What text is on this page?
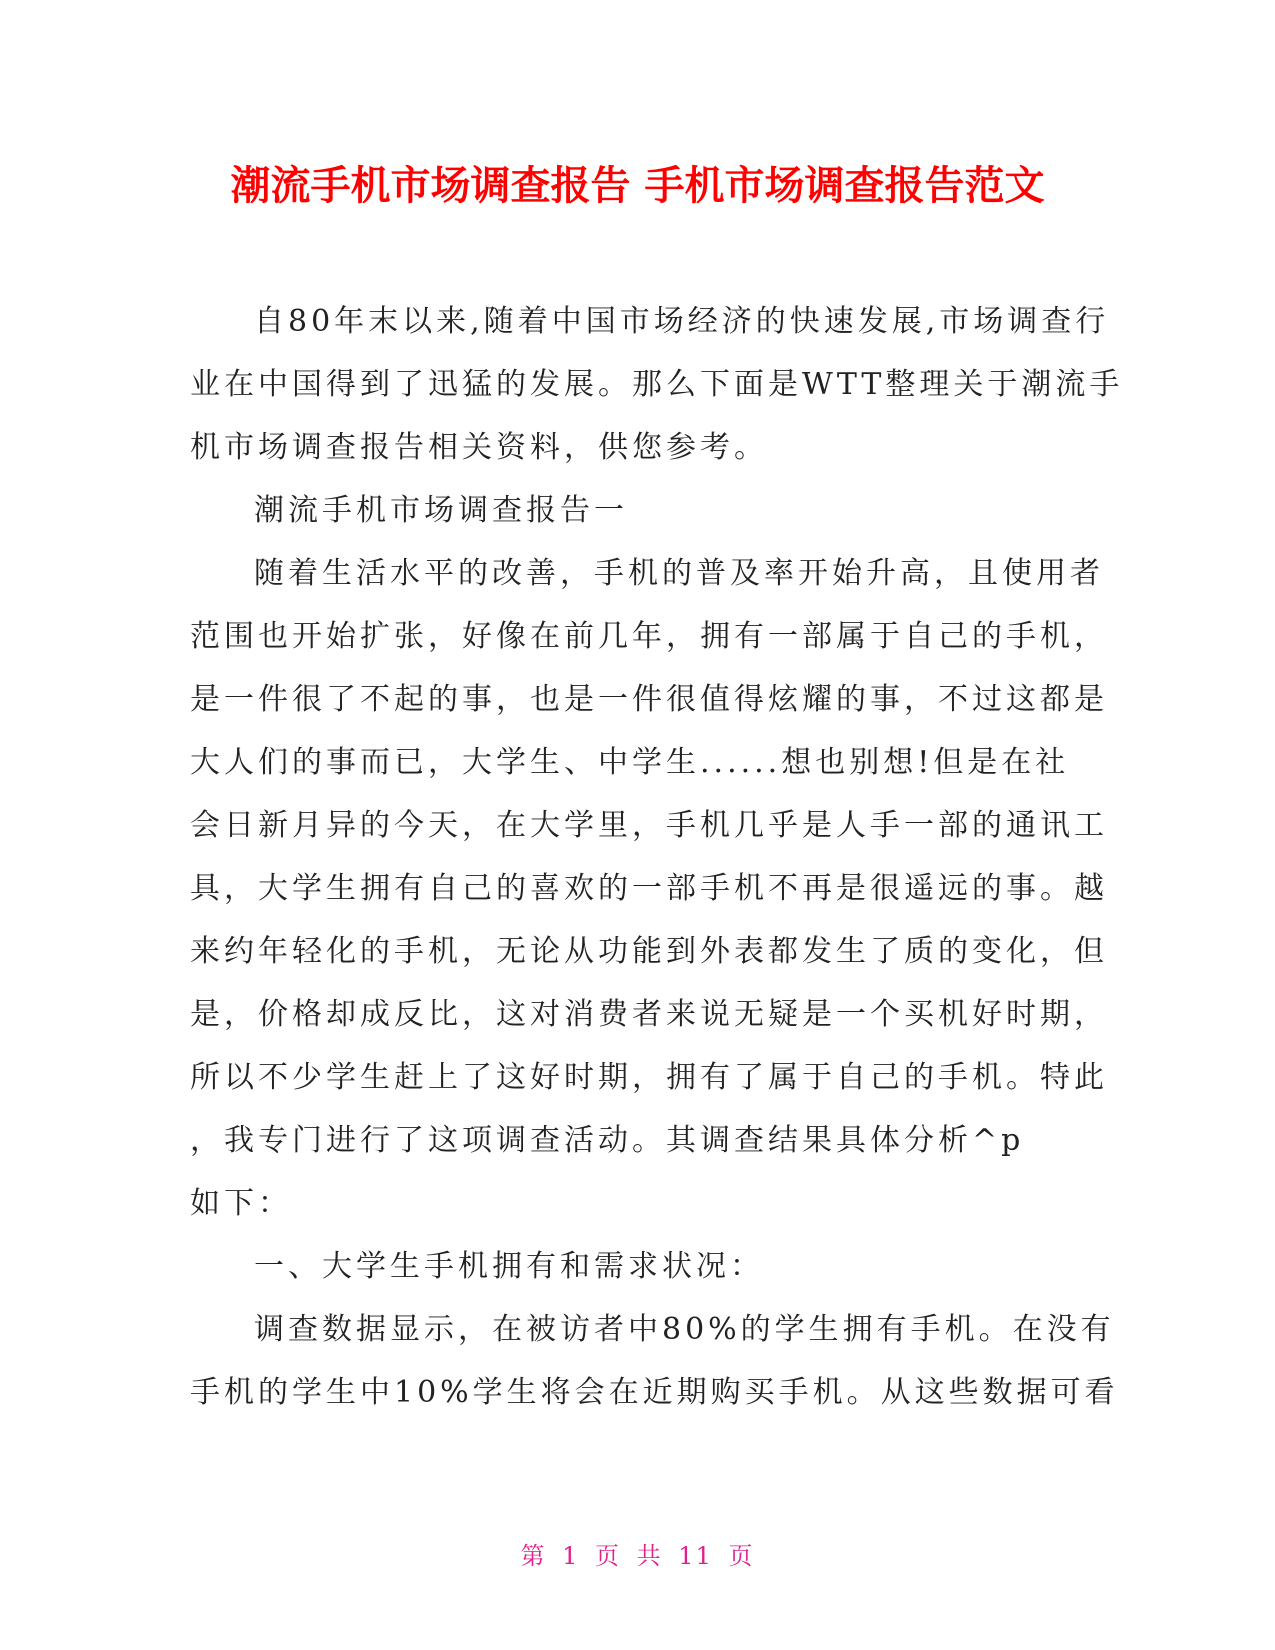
潮流手机市场调查报告 手机市场调查报告范文
自80年末以来,随着中国市场经济的快速发展,市场调查行
业在中国得到了迅猛的发展。那么下面是WTT整理关于潮流手
机市场调查报告相关资料，供您参考。
潮流手机市场调查报告一
随着生活水平的改善，手机的普及率开始升高，且使用者
范围也开始扩张，好像在前几年，拥有一部属于自己的手机，
是一件很了不起的事，也是一件很值得炫耀的事，不过这都是
大人们的事而已，大学生、中学生......想也别想!但是在社
会日新月异的今天，在大学里，手机几乎是人手一部的通讯工
具，大学生拥有自己的喜欢的一部手机不再是很遥远的事。越
来约年轻化的手机，无论从功能到外表都发生了质的变化，但
是，价格却成反比，这对消费者来说无疑是一个买机好时期，
所以不少学生赶上了这好时期，拥有了属于自己的手机。特此
，我专门进行了这项调查活动。其调查结果具体分析^p
如下：
一、大学生手机拥有和需求状况：
调查数据显示，在被访者中80%的学生拥有手机。在没有
手机的学生中10%学生将会在近期购买手机。从这些数据可看
第 1 页 共 11 页
